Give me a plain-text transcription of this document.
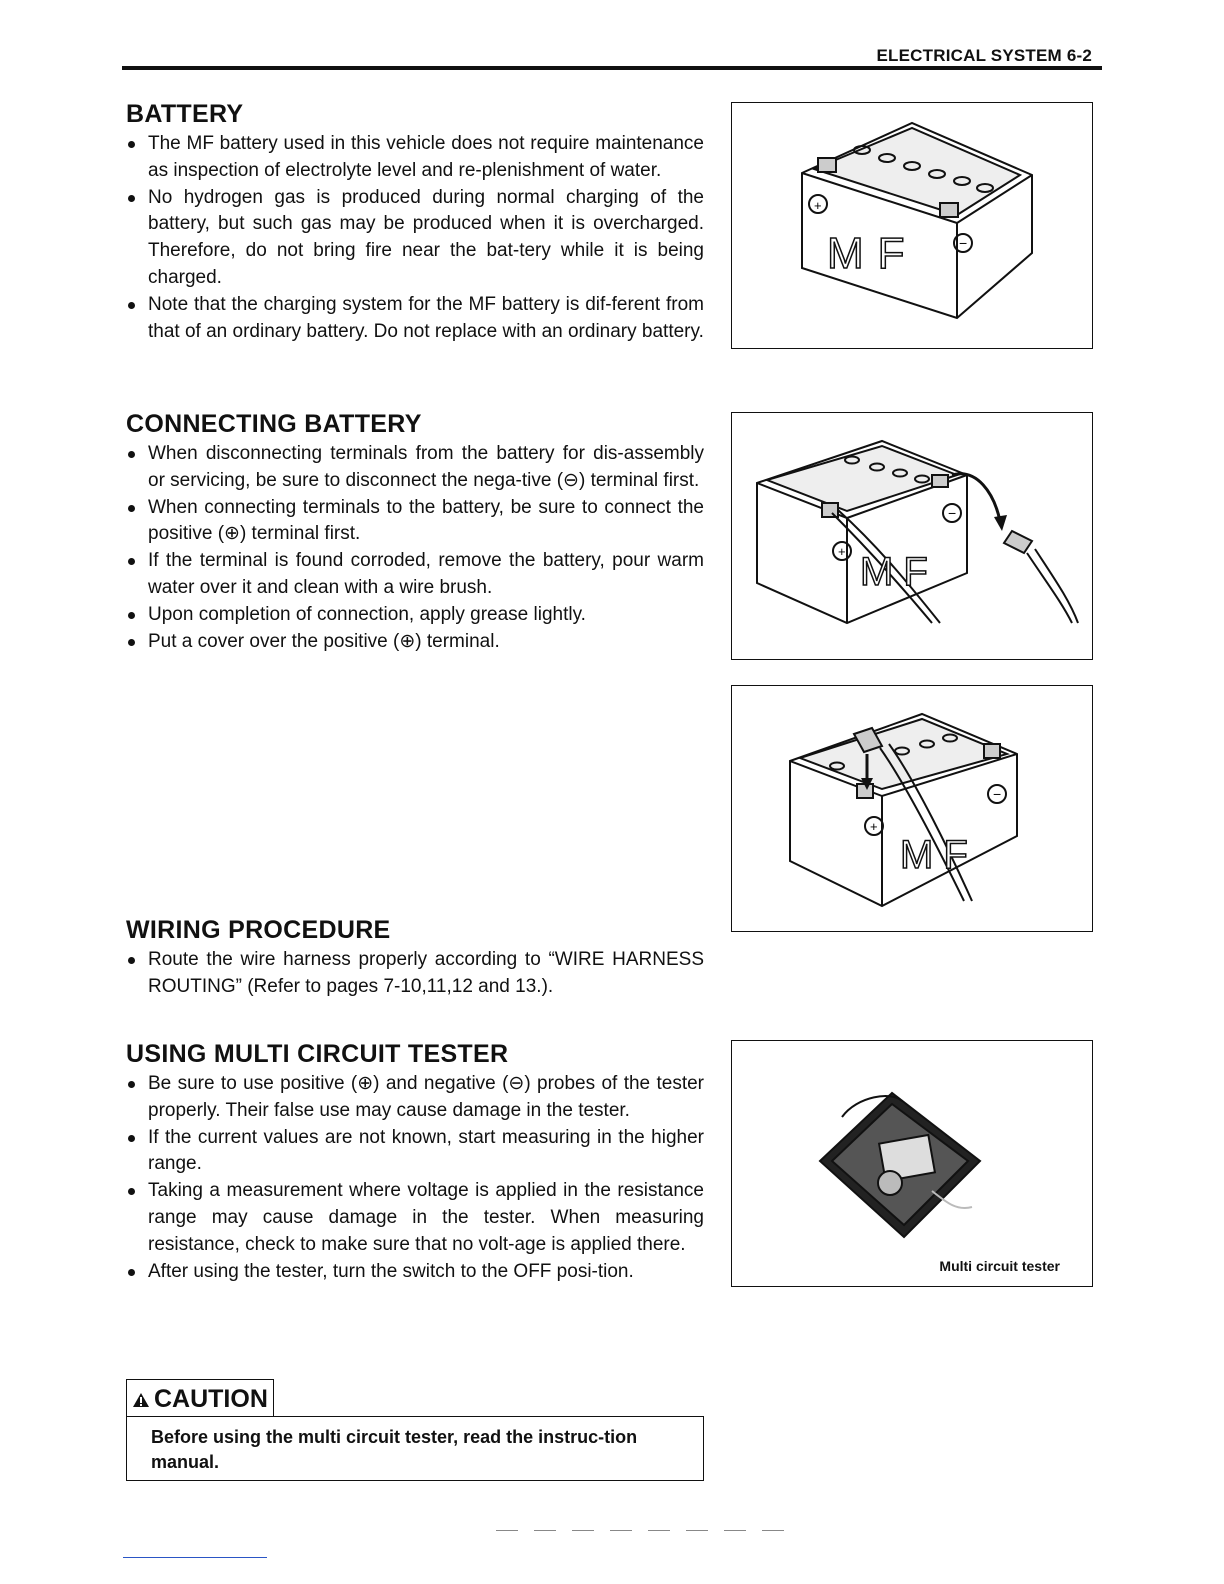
ELECTRICAL SYSTEM 6-2
BATTERY
The MF battery used in this vehicle does not require maintenance as inspection of electrolyte level and re-plenishment of water.
No hydrogen gas is produced during normal charging of the battery, but such gas may be produced when it is overcharged. Therefore, do not bring fire near the bat-tery while it is being charged.
Note that the charging system for the MF battery is dif-ferent from that of an ordinary battery. Do not replace with an ordinary battery.
CONNECTING BATTERY
When disconnecting terminals from the battery for dis-assembly or servicing, be sure to disconnect the nega-tive (⊖) terminal first.
When connecting terminals to the battery, be sure to connect the positive (⊕) terminal first.
If the terminal is found corroded, remove the battery, pour warm water over it and clean with a wire brush.
Upon completion of connection, apply grease lightly.
Put a cover over the positive (⊕) terminal.
WIRING PROCEDURE
Route the wire harness properly according to “WIRE HARNESS ROUTING” (Refer to pages 7-10,11,12 and 13.).
USING MULTI CIRCUIT TESTER
Be sure to use positive (⊕) and negative (⊖) probes of the tester properly. Their false use may cause damage in the tester.
If the current values are not known, start measuring in the higher range.
Taking a measurement where voltage is applied in the resistance range may cause damage in the tester. When measuring resistance, check to make sure that no volt-age is applied there.
After using the tester, turn the switch to the OFF posi-tion.
CAUTION
Before using the multi circuit tester, read the instruc-tion manual.
+
−
MF
+
−
MF
+
−
MF
Multi circuit tester
